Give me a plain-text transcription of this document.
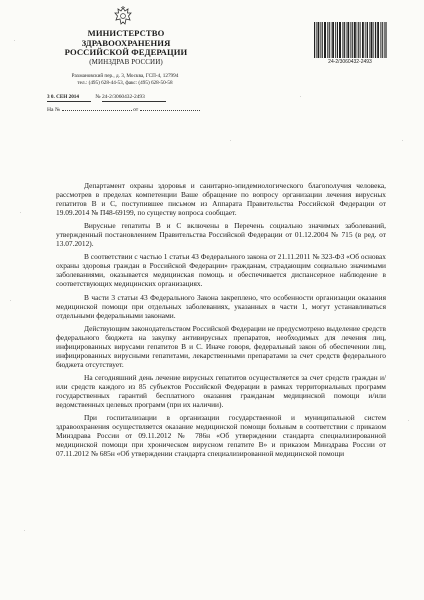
МИНИСТЕРСТВО
ЗДРАВООХРАНЕНИЯ
РОССИЙСКОЙ ФЕДЕРАЦИИ
(МИНЗДРАВ РОССИИ)
Рахмановский пер., д. 3, Москва, ГСП-4, 127994
тел.: (495) 628-44-53, факс: (495) 628-50-58
3 0. СЕН 2014	№ 24-2/3060432-2493
На №	от
24-2/3060432-2493

Департамент охраны здоровья и санитарно-эпидемиологического благополучия человека, рассмотрев в пределах компетенции Ваше обращение по вопросу организации лечения вирусных гепатитов В и С, поступившее письмом из Аппарата Правительства Российской Федерации от 19.09.2014 № П48-69199, по существу вопроса сообщает.

Вирусные гепатиты В и С включены в Перечень социально значимых заболеваний, утвержденный постановлением Правительства Российской Федерации от 01.12.2004 № 715 (в ред. от 13.07.2012).

В соответствии с частью 1 статьи 43 Федерального закона от 21.11.2011 № 323-ФЗ «Об основах охраны здоровья граждан в Российской Федерации» гражданам, страдающим социально значимыми заболеваниями, оказывается медицинская помощь и обеспечивается диспансерное наблюдение в соответствующих медицинских организациях.

В части 3 статьи 43 Федерального Закона закреплено, что особенности организации оказания медицинской помощи при отдельных заболеваниях, указанных в части 1, могут устанавливаться отдельными федеральными законами.

Действующим законодательством Российской Федерации не предусмотрено выделение средств федерального бюджета на закупку антивирусных препаратов, необходимых для лечения лиц, инфицированных вирусами гепатитов В и С. Иначе говоря, федеральный закон об обеспечении лиц, инфицированных вирусными гепатитами, лекарственными препаратами за счет средств федерального бюджета отсутствует.

На сегодняшний день лечение вирусных гепатитов осуществляется за счет средств граждан и/или средств каждого из 85 субъектов Российской Федерации в рамках территориальных программ государственных гарантий бесплатного оказания гражданам медицинской помощи и/или ведомственных целевых программ (при их наличии).

При госпитализации в организации государственной и муниципальной систем здравоохранения осуществляется оказание медицинской помощи больным в соответствии с приказом Минздрава России от 09.11.2012 № 786н «Об утверждении стандарта специализированной медицинской помощи при хроническом вирусном гепатите В» и приказом Минздрава России от 07.11.2012 № 685н «Об утверждении стандарта специализированной медицинской помощи
